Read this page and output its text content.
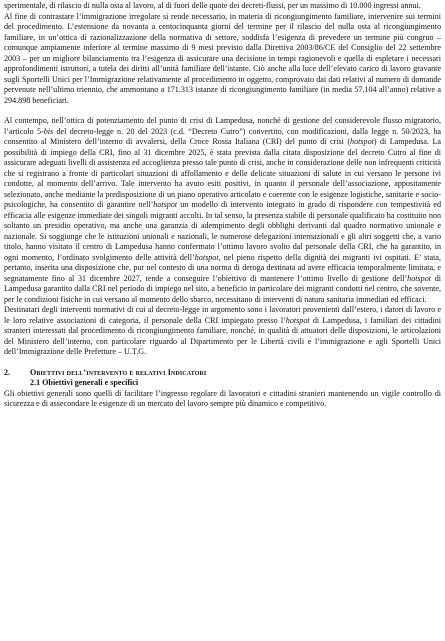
sperimentale, di rilascio di nulla osta al lavoro, al di fuori delle quote dei decreti-flussi, per un massimo di 10.000 ingressi annui.

Al fine di contrastare l’immigrazione irregolare si rende necessario, in materia di ricongiungimento familiare, intervenire sui termini del procedimento. L’estensione da novanta a centocinquanta giorni del termine per il rilascio del nulla osta al ricongiungimento familiare, in un’ottica di razionalizzazione della normativa di settore, soddisfa l’esigenza di prevedere un termine più congruo – comunque ampiamente inferiore al termine massimo di 9 mesi previsto dalla Direttiva 2003/86/CE del Consiglio del 22 settembre 2003 – per un migliore bilanciamento tra l’esigenza di assicurare una decisione in tempi ragionevoli e quella di espletare i necessari approfondimenti istruttori, a tutela dei diritti all’unità familiare dell’istante. Ciò anche alla luce dell’elevato carico di lavoro gravante sugli Sportelli Unici per l’Immigrazione relativamente al procedimento in oggetto, comprovato dai dati relativi al numero di domande pervenute nell’ultimo triennio, che ammontano a 171.313 istanze di ricongiungimento familiare (in media 57.104 all’anno) relative a 294.898 beneficiari.

Al contempo, nell’ottica di potenziamento del punto di crisi di Lampedusa, nonché di gestione del considerevole flusso migratorio, l’articolo 5-bis del decreto-legge n. 20 del 2023 (c.d. “Decreto Cutro”) convertito, con modificazioni, dalla legge n. 50/2023, ha consentito al Ministero dell’interno di avvalersi, della Croce Rossa Italiana (CRI) del punto di crisi (hotspot) di Lampedusa. La possibilità di impiego della CRI, fino al 31 dicembre 2025, è stata prevista dalla citata disposizione del decreto Cutro al fine di assicurare adeguati livelli di assistenza ed accoglienza presso tale punto di crisi, anche in considerazione delle non infrequenti criticità che si registrano a fronte di particolari situazioni di affollamento e delle delicate situazioni di salute in cui versano le persone ivi condotte, al momento dell’arrivo. Tale intervento ha avuto esiti positivi, in quanto il personale dell’associazione, appositamente selezionato, anche mediante la predisposizione di un piano operativo articolato e coerente con le esigenze logistiche, sanitarie e socio-psicologiche, ha consentito di garantire nell’hotspot un modello di intervento integrato in grado di rispondere con tempestività ed efficacia alle esigenze immediate dei singoli migranti accolti. In tal senso, la presenza stabile di personale qualificato ha costituito non soltanto un presidio operativo, ma anche una garanzia di adempimento degli obblighi derivanti dal quadro normativo unionale e nazionale. Si soggiunge che le istituzioni unionali e nazionali, le numerose delegazioni internazionali e gli altri soggetti che, a vario titolo, hanno visitato il centro di Lampedusa hanno confermato l’ottimo lavoro svolto dal personale della CRI, che ha garantito, in ogni momento, l’ordinato svolgimento delle attività dell’hotspot, nel pieno rispetto della dignità dei migranti ivi ospitati. E’ stata, pertanto, inserita una disposizione che, pur nel contesto di una norma di deroga destinata ad avere efficacia temporalmente limitata, e segnatamente fino al 31 dicembre 2027, tende a conseguire l’obiettivo di mantenere l’ottimo livello di gestione dell’hotspot di Lampedusa garantito dalla CRI nel periodo di impiego nel sito, a beneficio in particolare dei migranti condotti nel centro, che sovente, per le condizioni fisiche in cui versano al momento dello sbarco, necessitano di interventi di natura sanitaria immediati ed efficaci.

Destinatari degli interventi normativi di cui al decreto-legge in argomento sono i lavoratori provenienti dall’estero, i datori di lavoro e le loro relative associazioni di categoria, il personale della CRI impiegato presso l’hotspot di Lampedusa, i familiari dei cittadini stranieri interessati dal procedimento di ricongiungimento familiare, nonché, in qualità di attuatori delle disposizioni, le articolazioni del Ministero dell’interno, con particolare riguardo al Dipartimento per le Libertà civili e l’immigrazione e agli Sportelli Unici dell’Immigrazione delle Prefetture – U.T.G.

2.	Obiettivi dell’intervento e relativi Indicatori

2.1 Obiettivi generali e specifici

Gli obiettivi generali sono quelli di facilitare l’ingresso regolare di lavoratori e cittadini stranieri mantenendo un vigile controllo di sicurezza e di assecondare le esigenze di un mercato del lavoro sempre più dinamico e competitivo.
